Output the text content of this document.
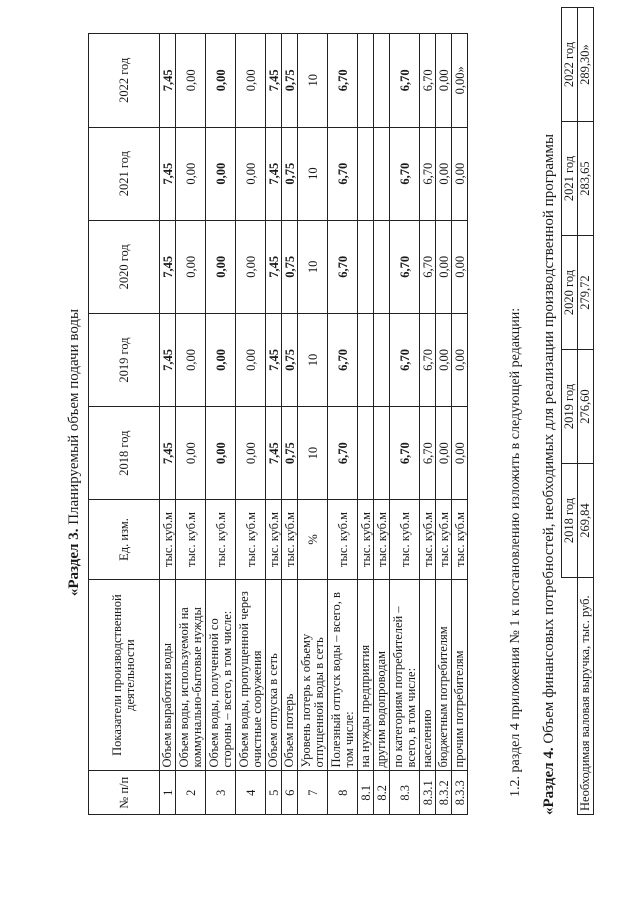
«Раздел 3. Планируемый объем подачи воды
№ п/п	Показатели производственной деятельности	Ед. изм.	2018 год	2019 год	2020 год	2021 год	2022 год
1	Объем выработки воды	тыс. куб.м	7,45	7,45	7,45	7,45	7,45
2	Объем воды, используемой на коммунально-бытовые нужды	тыс. куб.м	0,00	0,00	0,00	0,00	0,00
3	Объем воды, полученной со стороны – всего, в том числе:	тыс. куб.м	0,00	0,00	0,00	0,00	0,00
4	Объем воды, пропущенной через очистные сооружения	тыс. куб.м	0,00	0,00	0,00	0,00	0,00
5	Объем отпуска в сеть	тыс. куб.м	7,45	7,45	7,45	7,45	7,45
6	Объем потерь	тыс. куб.м	0,75	0,75	0,75	0,75	0,75
7	Уровень потерь к объему отпущенной воды в сеть	%	10	10	10	10	10
8	Полезный отпуск воды – всего, в том числе:	тыс. куб.м	6,70	6,70	6,70	6,70	6,70
8.1	на нужды предприятия	тыс. куб.м					
8.2	другим водопроводам	тыс. куб.м					
8.3	по категориям потребителей – всего, в том числе:	тыс. куб.м	6,70	6,70	6,70	6,70	6,70
8.3.1	населению	тыс. куб.м	6,70	6,70	6,70	6,70	6,70
8.3.2	бюджетным потребителям	тыс. куб.м	0,00	0,00	0,00	0,00	0,00
8.3.3	прочим потребителям	тыс. куб.м	0,00	0,00	0,00	0,00	0,00»
1.2. раздел 4 приложения № 1 к постановлению изложить в следующей редакции: «Раздел 4. Объем финансовых потребностей, необходимых для реализации производственной программы
	2018 год	2019 год	2020 год	2021 год	2022 год
Необходимая валовая выручка, тыс. руб.	269,84	276,60	279,72	283,65	289,30»
